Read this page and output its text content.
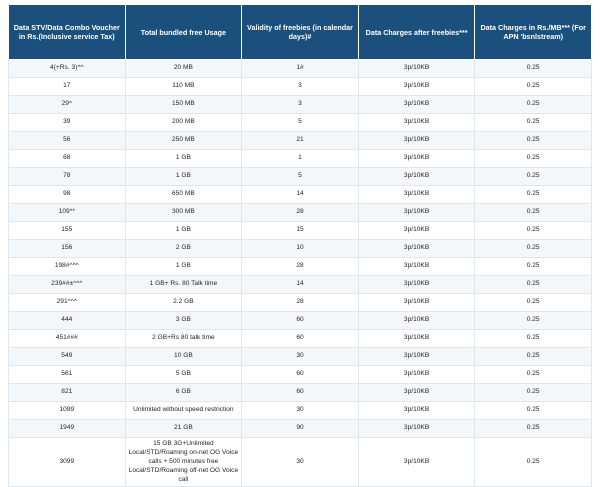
Data STV/Data Combo Voucher in Rs.(Inclusive service Tax)	Total bundled free Usage	Validity of freebies (in calendar days)#	Data Charges after freebies***	Data Charges in Rs./MB*** (For APN 'bsnlstream)
4(+Rs. 3)^^	20 MB	1#	3p/10KB	0.25
17	110 MB	3	3p/10KB	0.25
29^	150 MB	3	3p/10KB	0.25
39	200 MB	5	3p/10KB	0.25
56	250 MB	21	3p/10KB	0.25
68	1 GB	1	3p/10KB	0.25
78	1 GB	5	3p/10KB	0.25
98	650 MB	14	3p/10KB	0.25
109**	300 MB	28	3p/10KB	0.25
155	1 GB	15	3p/10KB	0.25
156	2 GB	10	3p/10KB	0.25
198#^^^	1 GB	28	3p/10KB	0.25
239##±^^^	1 GB+ Rs. 80 Talk time	14	3p/10KB	0.25
291^^^	2.2 GB	28	3p/10KB	0.25
444	3 GB	60	3p/10KB	0.25
451###	2 GB+Rs 80 talk time	60	3p/10KB	0.25
549	10 GB	30	3p/10KB	0.25
561	5 GB	60	3p/10KB	0.25
821	6 GB	60	3p/10KB	0.25
1099	Unlimited without speed restriction	30	3p/10KB	0.25
1949	21 GB	90	3p/10KB	0.25
3099	15 GB 3G+Unlimited Local/STD/Roaming on-net OG Voice calls + 500 minutes free Local/STD/Roaming off-net OG Voice call	30	3p/10KB	0.25
